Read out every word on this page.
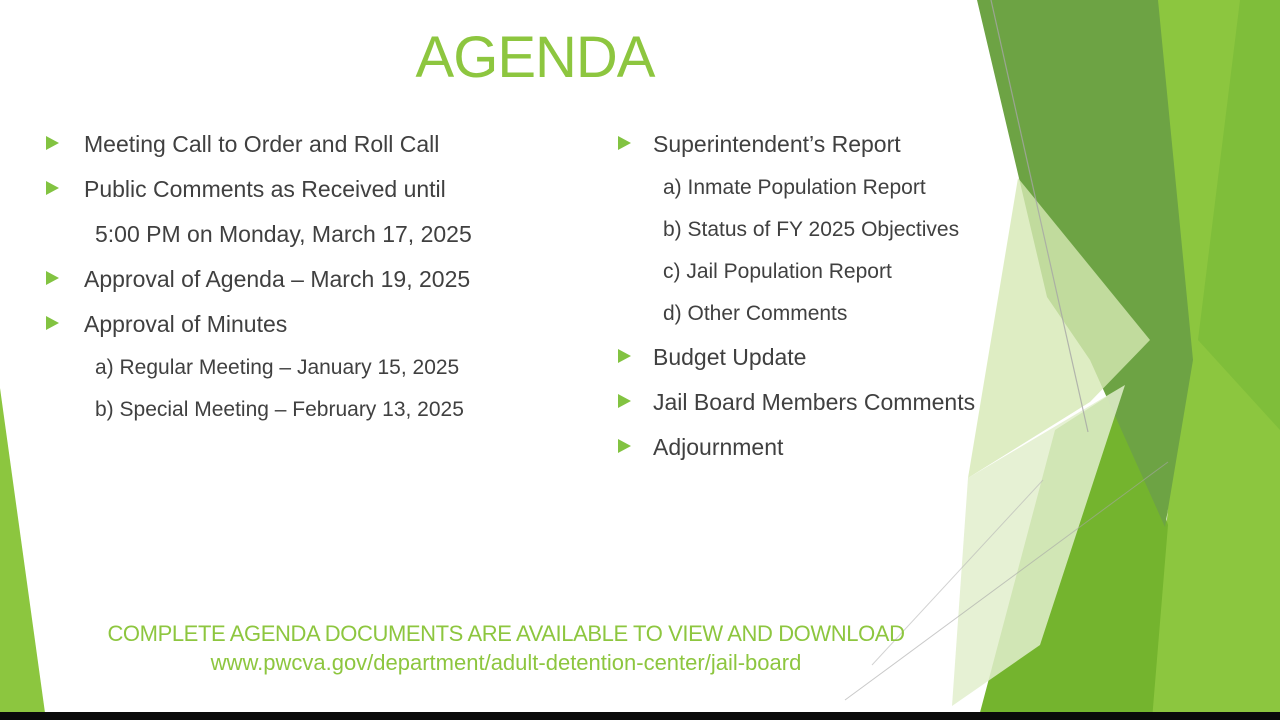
AGENDA
Meeting Call to Order and Roll Call
Public Comments as Received until
5:00 PM on Monday, March 17, 2025
Approval of Agenda – March 19, 2025
Approval of Minutes
a) Regular Meeting – January 15, 2025
b) Special Meeting – February 13, 2025
Superintendent’s Report
a) Inmate Population Report
b) Status of FY 2025 Objectives
c) Jail Population Report
d) Other Comments
Budget Update
Jail Board Members Comments
Adjournment
COMPLETE AGENDA DOCUMENTS ARE AVAILABLE TO VIEW AND DOWNLOAD
www.pwcva.gov/department/adult-detention-center/jail-board
